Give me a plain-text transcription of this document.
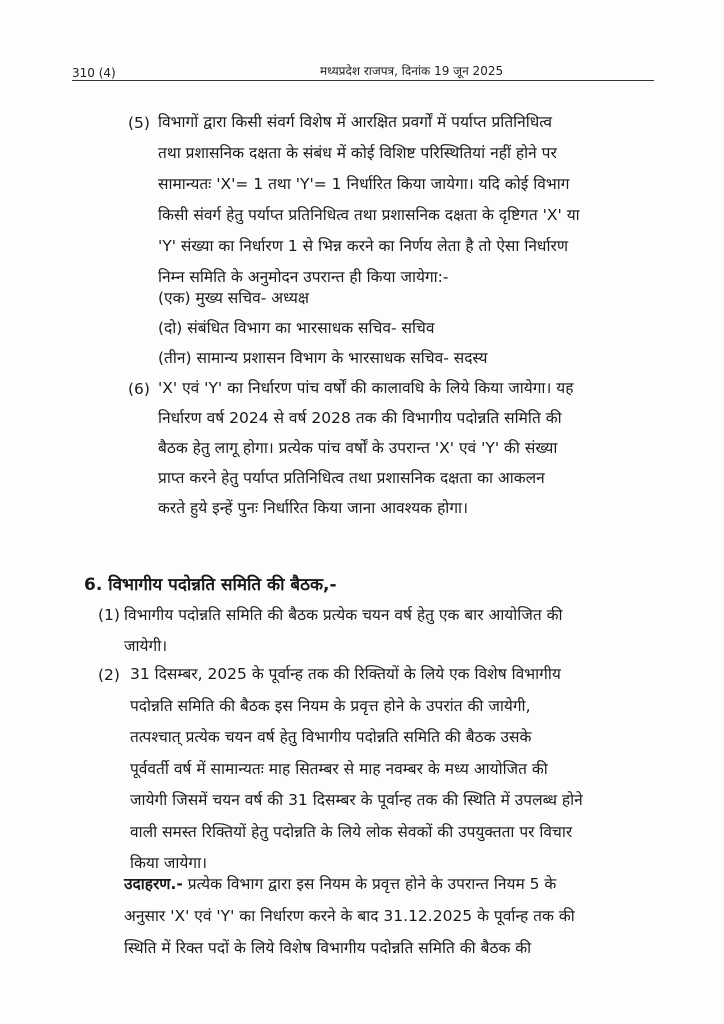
310 (4)	मध्यप्रदेश राजपत्र, दिनांक 19 जून 2025
(5) विभागों द्वारा किसी संवर्ग विशेष में आरक्षित प्रवर्गों में पर्याप्त प्रतिनिधित्व
तथा प्रशासनिक दक्षता के संबंध में कोई विशिष्ट परिस्थितियां नहीं होने पर
सामान्यतः 'X'= 1 तथा 'Y'= 1 निर्धारित किया जायेगा। यदि कोई विभाग
किसी संवर्ग हेतु पर्याप्त प्रतिनिधित्व तथा प्रशासनिक दक्षता के दृष्टिगत 'X' या
'Y' संख्या का निर्धारण 1 से भिन्न करने का निर्णय लेता है तो ऐसा निर्धारण
निम्न समिति के अनुमोदन उपरान्त ही किया जायेगा:-
(एक) मुख्य सचिव- अध्यक्ष
(दो) संबंधित विभाग का भारसाधक सचिव- सचिव
(तीन) सामान्य प्रशासन विभाग के भारसाधक सचिव- सदस्य
(6) 'X' एवं 'Y' का निर्धारण पांच वर्षों की कालावधि के लिये किया जायेगा। यह
निर्धारण वर्ष 2024 से वर्ष 2028 तक की विभागीय पदोन्नति समिति की
बैठक हेतु लागू होगा। प्रत्येक पांच वर्षों के उपरान्त 'X' एवं 'Y' की संख्या
प्राप्त करने हेतु पर्याप्त प्रतिनिधित्व तथा प्रशासनिक दक्षता का आकलन
करते हुये इन्हें पुनः निर्धारित किया जाना आवश्यक होगा।
6. विभागीय पदोन्नति समिति की बैठक,-
(1) विभागीय पदोन्नति समिति की बैठक प्रत्येक चयन वर्ष हेतु एक बार आयोजित की
जायेगी।
(2) 31 दिसम्बर, 2025 के पूर्वान्ह तक की रिक्तियों के लिये एक विशेष विभागीय
पदोन्नति समिति की बैठक इस नियम के प्रवृत्त होने के उपरांत की जायेगी,
तत्पश्चात् प्रत्येक चयन वर्ष हेतु विभागीय पदोन्नति समिति की बैठक उसके
पूर्ववर्ती वर्ष में सामान्यतः माह सितम्बर से माह नवम्बर के मध्य आयोजित की
जायेगी जिसमें चयन वर्ष की 31 दिसम्बर के पूर्वान्ह तक की स्थिति में उपलब्ध होने
वाली समस्त रिक्तियों हेतु पदोन्नति के लिये लोक सेवकों की उपयुक्तता पर विचार
किया जायेगा।
उदाहरण.- प्रत्येक विभाग द्वारा इस नियम के प्रवृत्त होने के उपरान्त नियम 5 के
अनुसार 'X' एवं 'Y' का निर्धारण करने के बाद 31.12.2025 के पूर्वान्ह तक की
स्थिति में रिक्त पदों के लिये विशेष विभागीय पदोन्नति समिति की बैठक की
